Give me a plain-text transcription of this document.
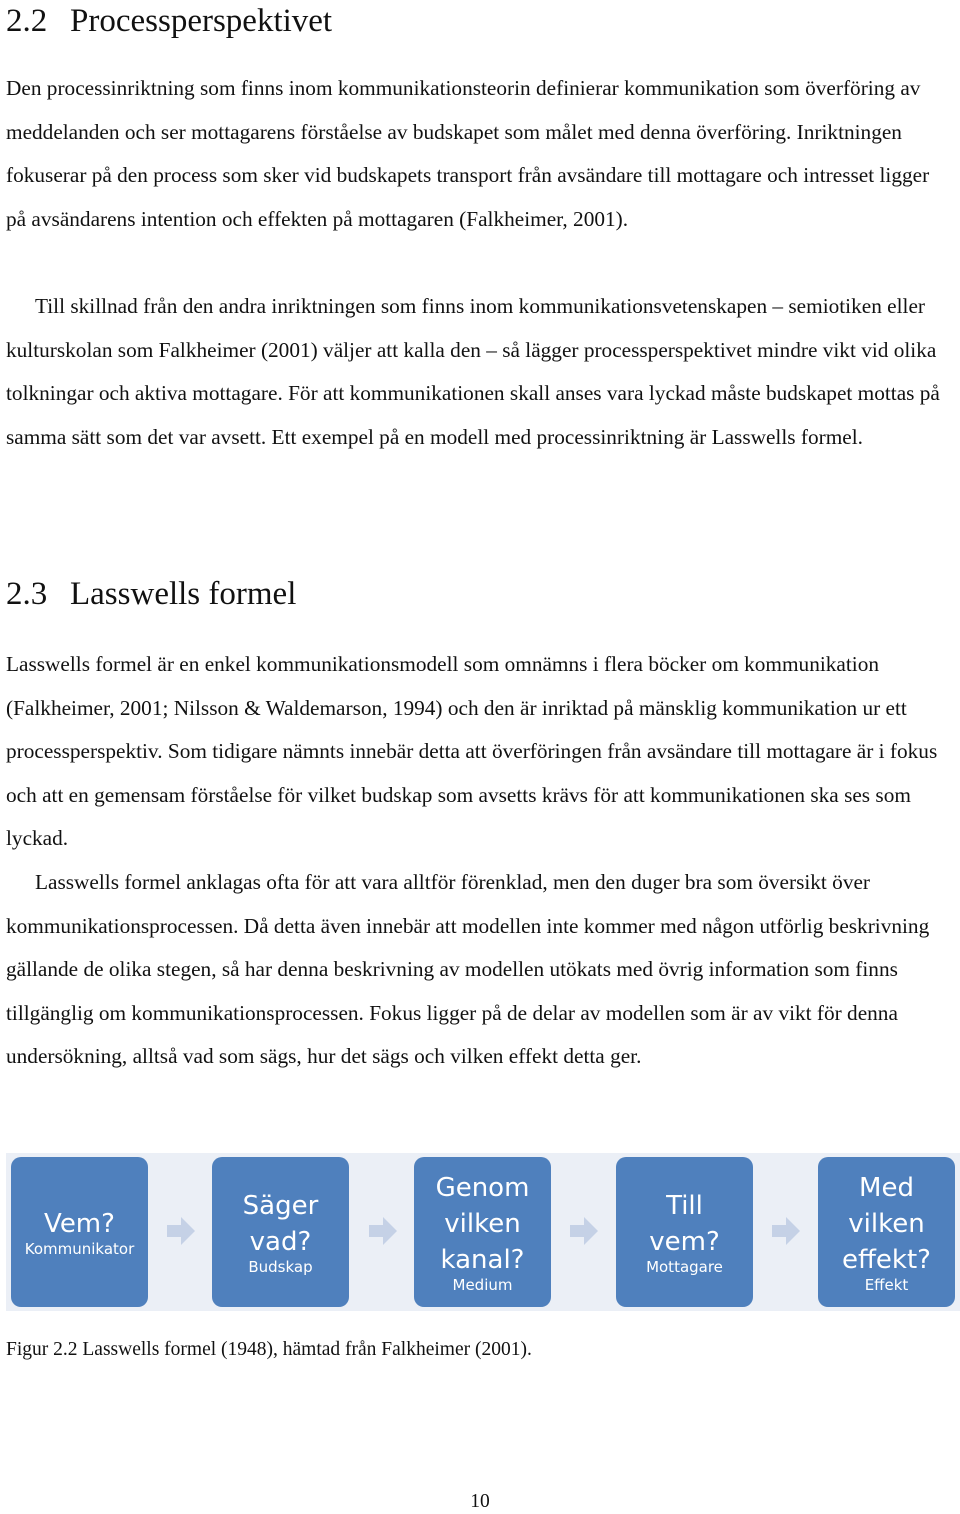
2.2 Processperspektivet

Den processinriktning som finns inom kommunikationsteorin definierar kommunikation som överföring av meddelanden och ser mottagarens förståelse av budskapet som målet med denna överföring. Inriktningen fokuserar på den process som sker vid budskapets transport från avsändare till mottagare och intresset ligger på avsändarens intention och effekten på mottagaren (Falkheimer, 2001).

Till skillnad från den andra inriktningen som finns inom kommunikationsvetenskapen – semiotiken eller kulturskolan som Falkheimer (2001) väljer att kalla den – så lägger processperspektivet mindre vikt vid olika tolkningar och aktiva mottagare. För att kommunikationen skall anses vara lyckad måste budskapet mottas på samma sätt som det var avsett. Ett exempel på en modell med processinriktning är Lasswells formel.

2.3 Lasswells formel

Lasswells formel är en enkel kommunikationsmodell som omnämns i flera böcker om kommunikation (Falkheimer, 2001; Nilsson & Waldemarson, 1994) och den är inriktad på mänsklig kommunikation ur ett processperspektiv. Som tidigare nämnts innebär detta att överföringen från avsändare till mottagare är i fokus och att en gemensam förståelse för vilket budskap som avsetts krävs för att kommunikationen ska ses som lyckad.

Lasswells formel anklagas ofta för att vara alltför förenklad, men den duger bra som översikt över kommunikationsprocessen. Då detta även innebär att modellen inte kommer med någon utförlig beskrivning gällande de olika stegen, så har denna beskrivning av modellen utökats med övrig information som finns tillgänglig om kommunikationsprocessen. Fokus ligger på de delar av modellen som är av vikt för denna undersökning, alltså vad som sägs, hur det sägs och vilken effekt detta ger.

Vem?
Kommunikator
Säger
vad?
Budskap
Genom
vilken
kanal?
Medium
Till
vem?
Mottagare
Med
vilken
effekt?
Effekt

Figur 2.2 Lasswells formel (1948), hämtad från Falkheimer (2001).

10
